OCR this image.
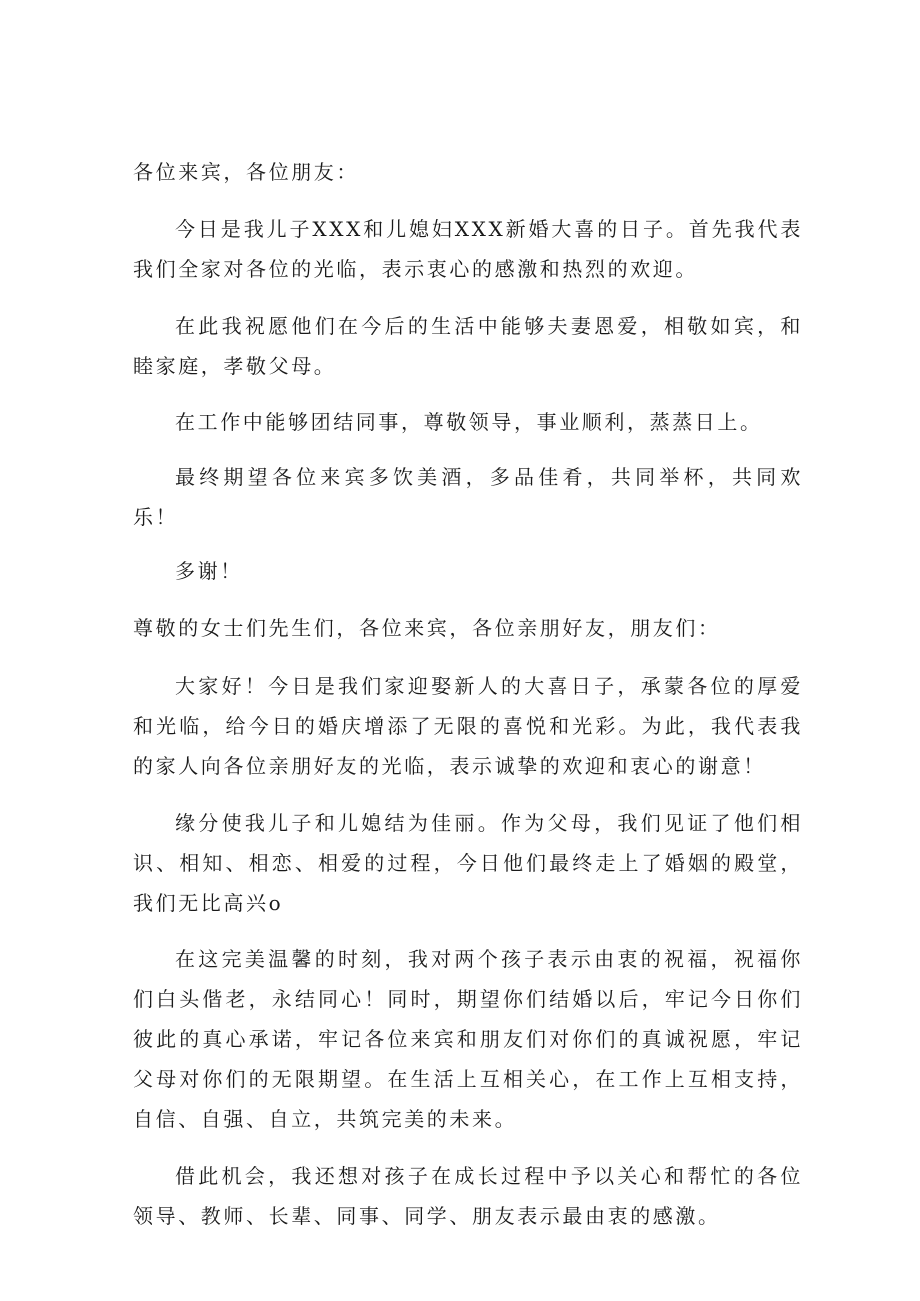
各位来宾，各位朋友：

今日是我儿子XXX和儿媳妇XXX新婚大喜的日子。首先我代表我们全家对各位的光临，表示衷心的感激和热烈的欢迎。

在此我祝愿他们在今后的生活中能够夫妻恩爱，相敬如宾，和睦家庭，孝敬父母。

在工作中能够团结同事，尊敬领导，事业顺利，蒸蒸日上。

最终期望各位来宾多饮美酒，多品佳肴，共同举杯，共同欢乐！

多谢！

尊敬的女士们先生们，各位来宾，各位亲朋好友，朋友们：

大家好！今日是我们家迎娶新人的大喜日子，承蒙各位的厚爱和光临，给今日的婚庆增添了无限的喜悦和光彩。为此，我代表我的家人向各位亲朋好友的光临，表示诚挚的欢迎和衷心的谢意！

缘分使我儿子和儿媳结为佳丽。作为父母，我们见证了他们相识、相知、相恋、相爱的过程，今日他们最终走上了婚姻的殿堂，我们无比高兴o

在这完美温馨的时刻，我对两个孩子表示由衷的祝福，祝福你们白头偕老，永结同心！同时，期望你们结婚以后，牢记今日你们彼此的真心承诺，牢记各位来宾和朋友们对你们的真诚祝愿，牢记父母对你们的无限期望。在生活上互相关心，在工作上互相支持，自信、自强、自立，共筑完美的未来。

借此机会，我还想对孩子在成长过程中予以关心和帮忙的各位领导、教师、长辈、同事、同学、朋友表示最由衷的感激。
